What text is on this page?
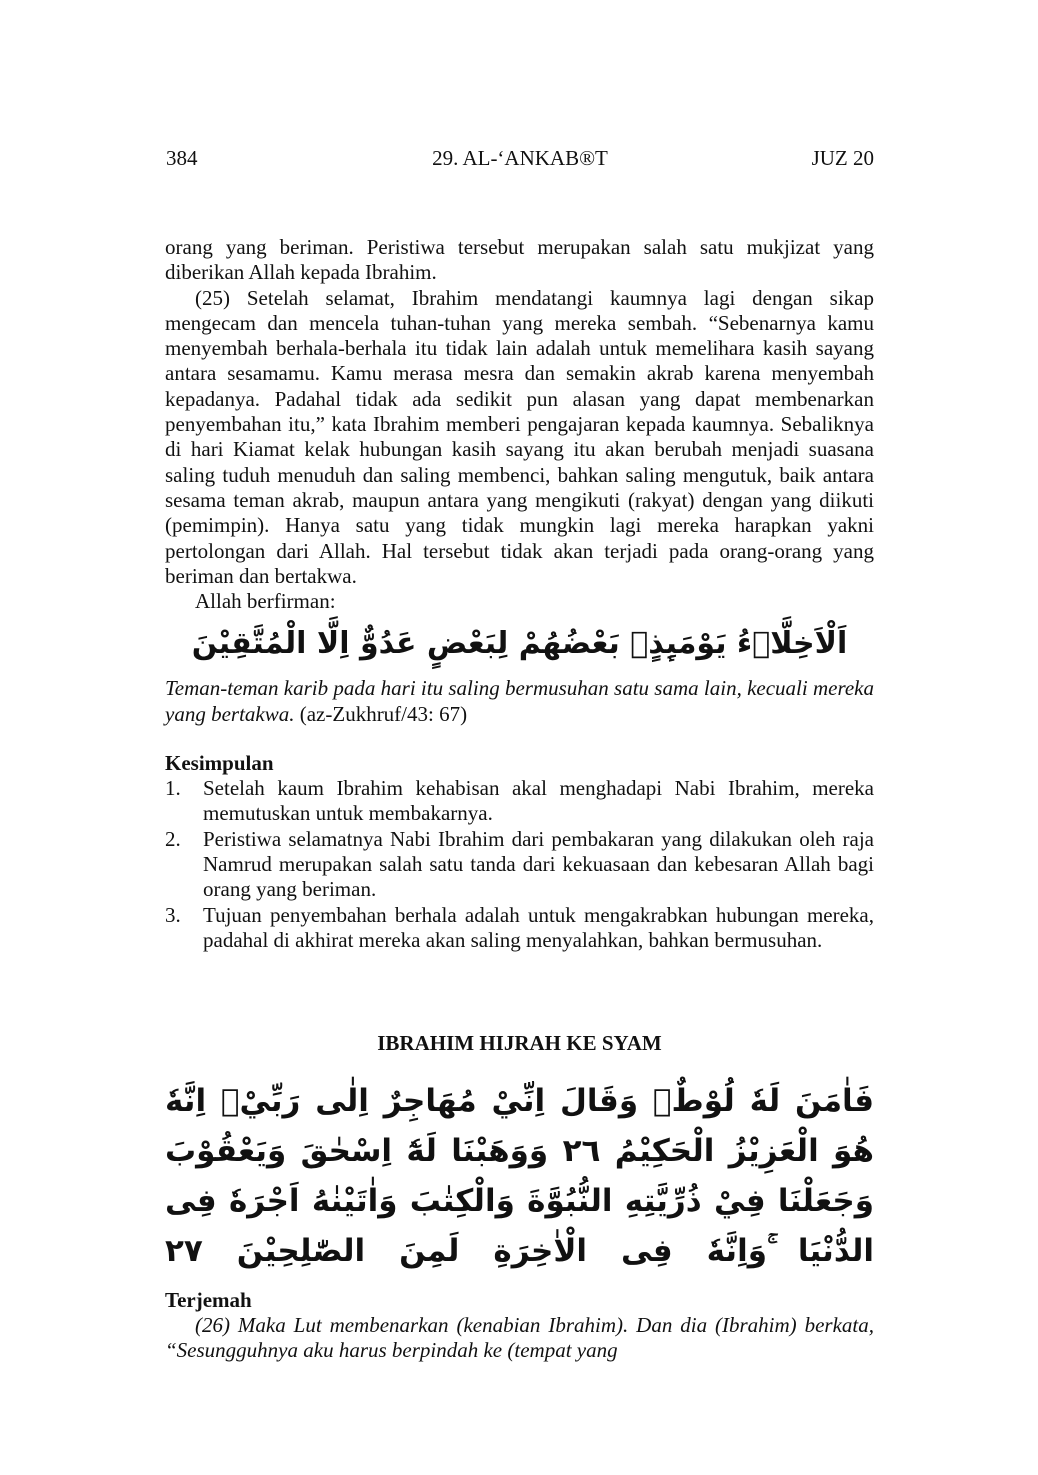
384	29. AL-‘ANKAB®T	JUZ 20

orang yang beriman. Peristiwa tersebut merupakan salah satu mukjizat yang diberikan Allah kepada Ibrahim.

(25) Setelah selamat, Ibrahim mendatangi kaumnya lagi dengan sikap mengecam dan mencela tuhan-tuhan yang mereka sembah. “Sebenarnya kamu menyembah berhala-berhala itu tidak lain adalah untuk memelihara kasih sayang antara sesamamu. Kamu merasa mesra dan semakin akrab karena menyembah kepadanya. Padahal tidak ada sedikit pun alasan yang dapat membenarkan penyembahan itu,” kata Ibrahim memberi pengajaran kepada kaumnya. Sebaliknya di hari Kiamat kelak hubungan kasih sayang itu akan berubah menjadi suasana saling tuduh menuduh dan saling membenci, bahkan saling mengutuk, baik antara sesama teman akrab, maupun antara yang mengikuti (rakyat) dengan yang diikuti (pemimpin). Hanya satu yang tidak mungkin lagi mereka harapkan yakni pertolongan dari Allah. Hal tersebut tidak akan terjadi pada orang-orang yang beriman dan bertakwa.

Allah berfirman:

اَلْاَخِلَّاۤءُ يَوْمَىِٕذٍۢ بَعْضُهُمْ لِبَعْضٍ عَدُوٌّ اِلَّا الْمُتَّقِيْنَ

Teman-teman karib pada hari itu saling bermusuhan satu sama lain, kecuali mereka yang bertakwa. (az-Zukhruf/43: 67)

Kesimpulan
1.	Setelah kaum Ibrahim kehabisan akal menghadapi Nabi Ibrahim, mereka memutuskan untuk membakarnya.
2.	Peristiwa selamatnya Nabi Ibrahim dari pembakaran yang dilakukan oleh raja Namrud merupakan salah satu tanda dari kekuasaan dan kebesaran Allah bagi orang yang beriman.
3.	Tujuan penyembahan berhala adalah untuk mengakrabkan hubungan mereka, padahal di akhirat mereka akan saling menyalahkan, bahkan bermusuhan.
IBRAHIM HIJRAH KE SYAM
فَاٰمَنَ لَهٗ لُوْطٌۘ وَقَالَ اِنِّيْ مُهَاجِرٌ اِلٰى رَبِّيْۗ اِنَّهٗ هُوَ الْعَزِيْزُ الْحَكِيْمُ ٢٦ وَوَهَبْنَا لَهٗٓ اِسْحٰقَ وَيَعْقُوْبَ
وَجَعَلْنَا فِيْ ذُرِّيَّتِهِ النُّبُوَّةَ وَالْكِتٰبَ وَاٰتَيْنٰهُ اَجْرَهٗ فِى الدُّنْيَا ۚوَاِنَّهٗ فِى الْاٰخِرَةِ لَمِنَ الصّٰلِحِيْنَ ٢٧
Terjemah

(26) Maka Lut membenarkan (kenabian Ibrahim). Dan dia (Ibrahim) berkata, “Sesungguhnya aku harus berpindah ke (tempat yang
